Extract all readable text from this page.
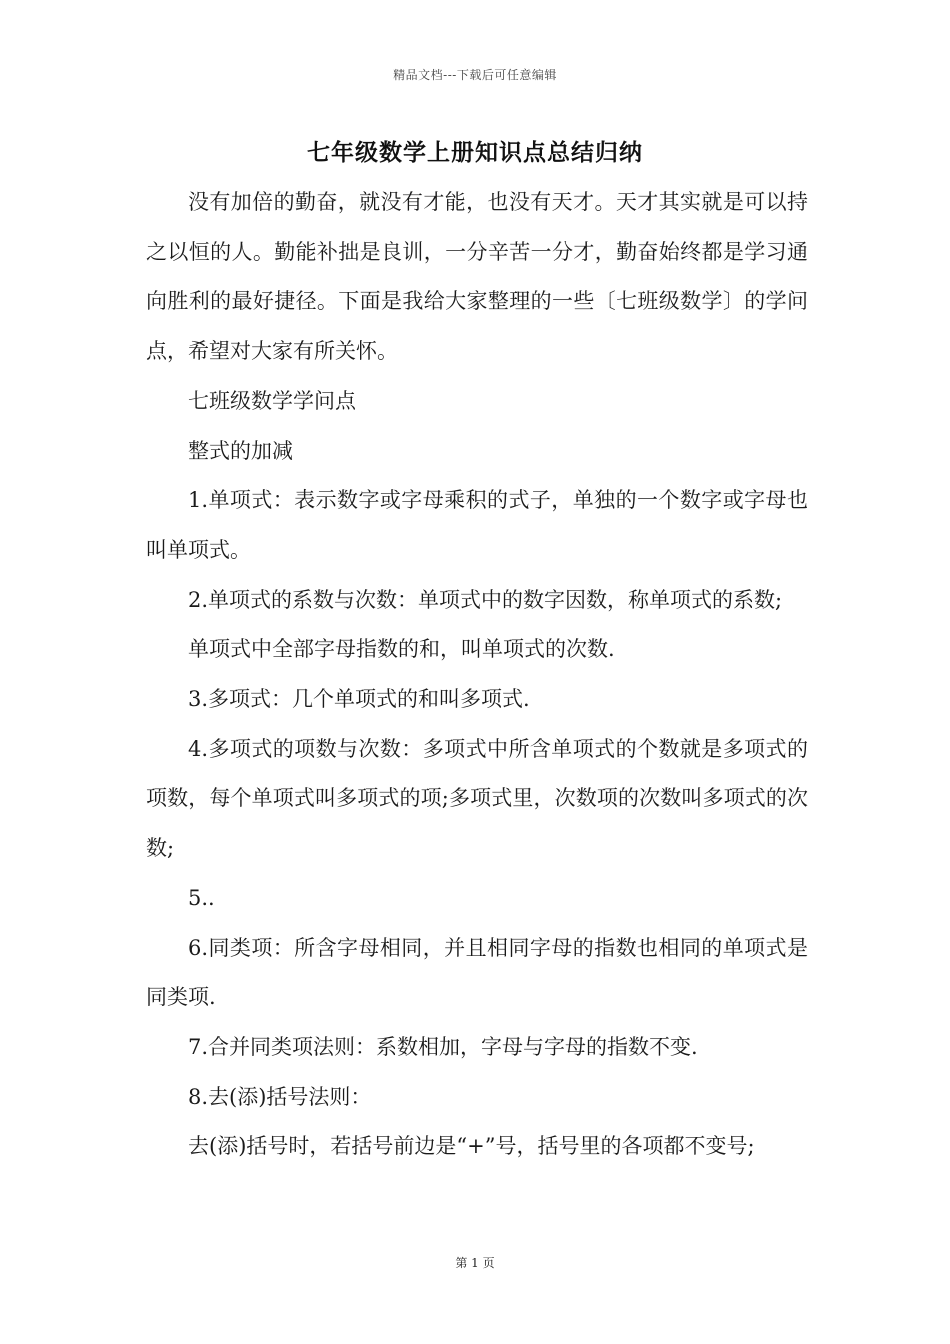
精品文档---下载后可任意编辑
七年级数学上册知识点总结归纳

没有加倍的勤奋，就没有才能，也没有天才。天才其实就是可以持之以恒的人。勤能补拙是良训，一分辛苦一分才，勤奋始终都是学习通向胜利的最好捷径。下面是我给大家整理的一些〔七班级数学〕的学问点，希望对大家有所关怀。

七班级数学学问点

整式的加减

1.单项式：表示数字或字母乘积的式子，单独的一个数字或字母也叫单项式。

2.单项式的系数与次数：单项式中的数字因数，称单项式的系数;

单项式中全部字母指数的和，叫单项式的次数.

3.多项式：几个单项式的和叫多项式.

4.多项式的项数与次数：多项式中所含单项式的个数就是多项式的项数，每个单项式叫多项式的项;多项式里，次数项的次数叫多项式的次数;

5..

6.同类项：所含字母相同，并且相同字母的指数也相同的单项式是同类项.

7.合并同类项法则：系数相加，字母与字母的指数不变.

8.去(添)括号法则：

去(添)括号时，若括号前边是“+”号，括号里的各项都不变号;

第 1 页
